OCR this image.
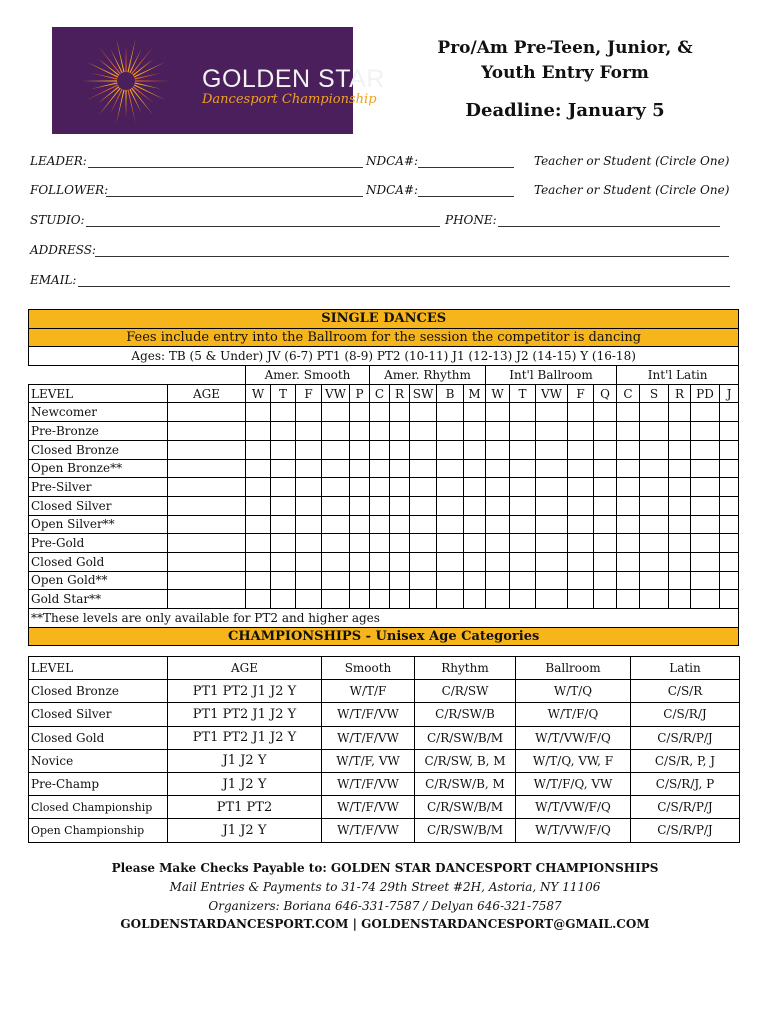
GOLDEN STAR
Dancesport Championship
Pro/Am Pre-Teen, Junior, &
Youth Entry Form
Deadline: January 5
LEADER:	NDCA#:	Teacher or Student (Circle One)
FOLLOWER:	NDCA#:	Teacher or Student (Circle One)
STUDIO:	PHONE:
ADDRESS:
EMAIL:
SINGLE DANCES																					
Fees include entry into the Ballroom for the session the competitor is dancing																					
Ages: TB (5 & Under) JV (6-7) PT1 (8-9) PT2 (10-11) J1 (12-13) J2 (14-15) Y (16-18)																					
		Amer. Smooth					Amer. Rhythm					Int'l Ballroom					Int'l Latin				
LEVEL	AGE	W	T	F	VW	P	C	R	SW	B	M	W	T	VW	F	Q	C	S	R	PD	J
Newcomer																					
Pre-Bronze																					
Closed Bronze																					
Open Bronze**																					
Pre-Silver																					
Closed Silver																					
Open Silver**																					
Pre-Gold																					
Closed Gold																					
Open Gold**																					
Gold Star**																					
**These levels are only available for PT2 and higher ages																					
CHAMPIONSHIPS - Unisex Age Categories																					
LEVEL	AGE	Smooth	Rhythm	Ballroom	Latin
Closed Bronze	PT1 PT2 J1 J2 Y	W/T/F	C/R/SW	W/T/Q	C/S/R
Closed Silver	PT1 PT2 J1 J2 Y	W/T/F/VW	C/R/SW/B	W/T/F/Q	C/S/R/J
Closed Gold	PT1 PT2 J1 J2 Y	W/T/F/VW	C/R/SW/B/M	W/T/VW/F/Q	C/S/R/P/J
Novice	J1 J2 Y	W/T/F, VW	C/R/SW, B, M	W/T/Q, VW, F	C/S/R, P, J
Pre-Champ	J1 J2 Y	W/T/F/VW	C/R/SW/B, M	W/T/F/Q, VW	C/S/R/J, P
Closed Championship	PT1 PT2	W/T/F/VW	C/R/SW/B/M	W/T/VW/F/Q	C/S/R/P/J
Open Championship	J1 J2 Y	W/T/F/VW	C/R/SW/B/M	W/T/VW/F/Q	C/S/R/P/J
Please Make Checks Payable to: GOLDEN STAR DANCESPORT CHAMPIONSHIPS
Mail Entries & Payments to 31-74 29th Street #2H, Astoria, NY 11106
Organizers: Boriana 646-331-7587 / Delyan 646-321-7587
GOLDENSTARDANCESPORT.COM | GOLDENSTARDANCESPORT@GMAIL.COM
